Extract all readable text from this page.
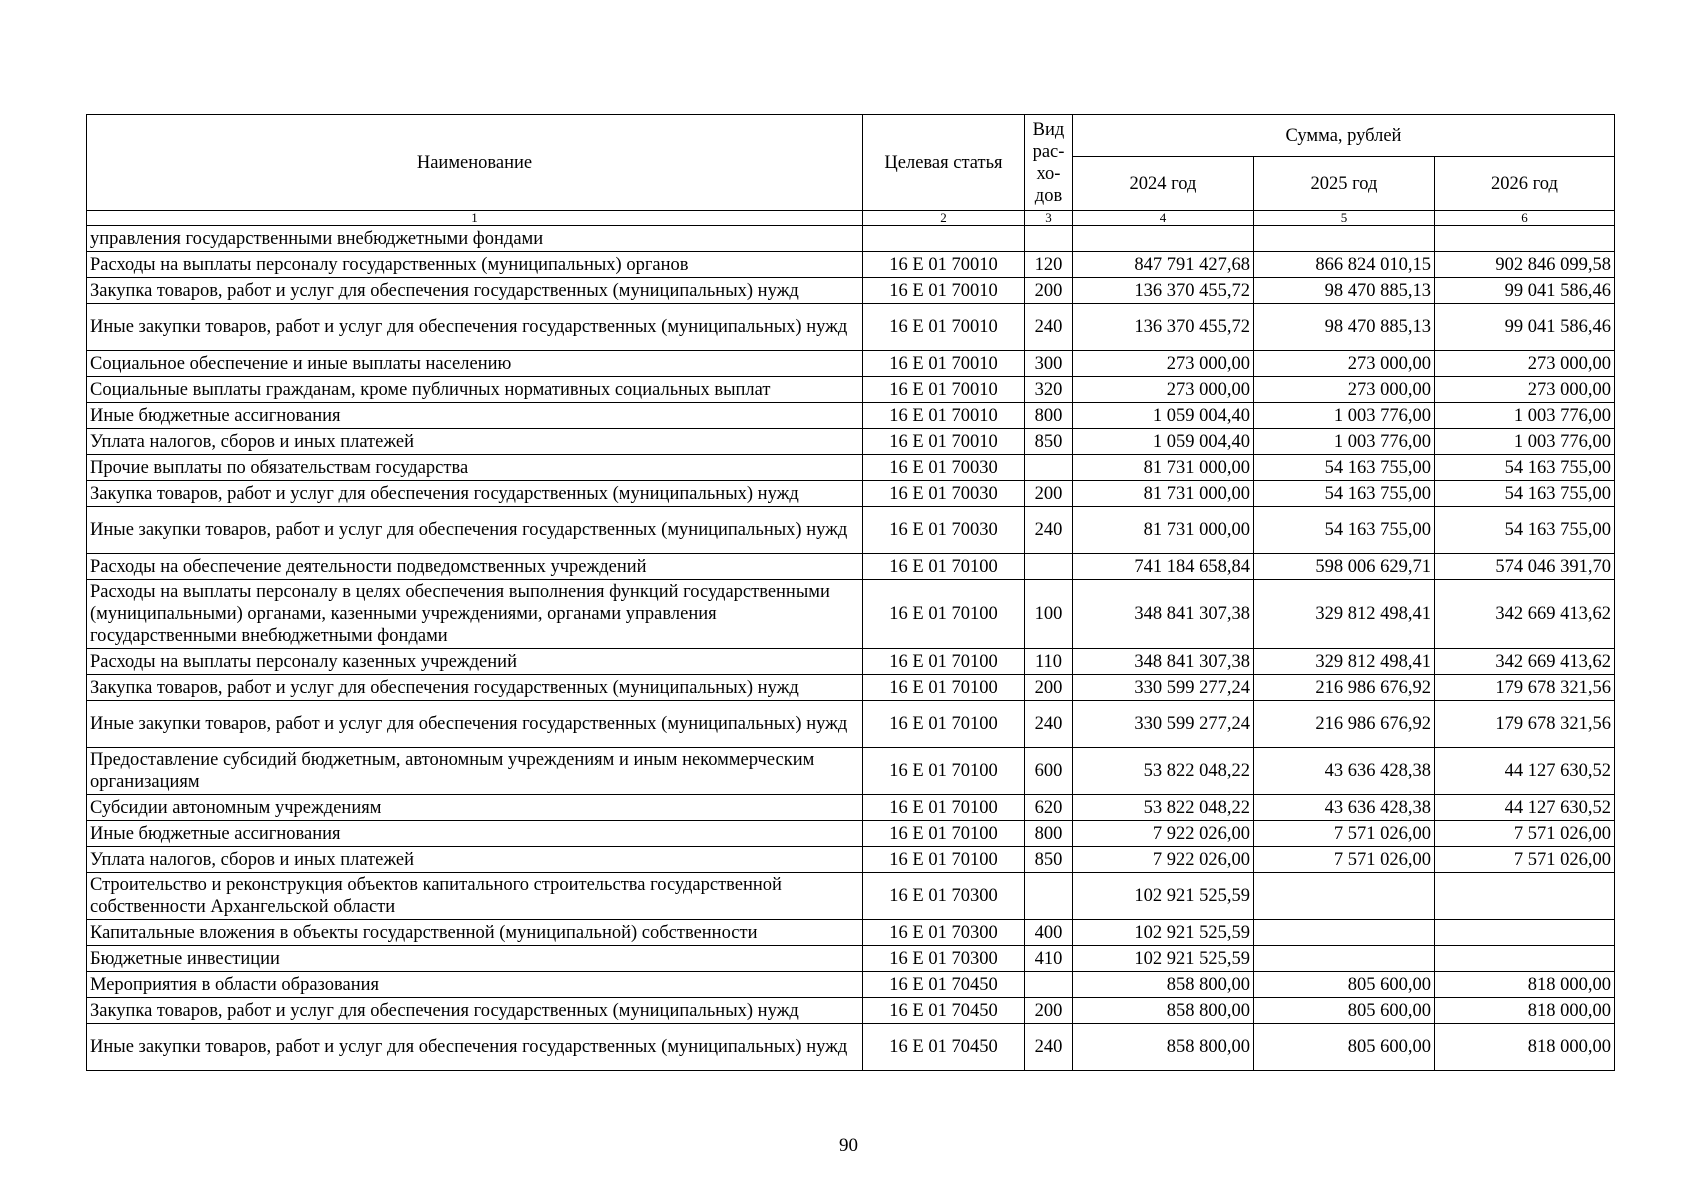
Наименование	Целевая статья	Вид
рас-
хо-
дов	Сумма, рублей		
			2024 год	2025 год	2026 год
1	2	3	4	5	6
управления государственными внебюджетными фондами					
Расходы на выплаты персоналу государственных (муниципальных) органов	16 Е 01 70010	120	847 791 427,68	866 824 010,15	902 846 099,58
Закупка товаров, работ и услуг для обеспечения государственных (муниципальных) нужд	16 Е 01 70010	200	136 370 455,72	98 470 885,13	99 041 586,46
Иные закупки товаров, работ и услуг для обеспечения государственных (муниципальных) нужд	16 Е 01 70010	240	136 370 455,72	98 470 885,13	99 041 586,46
Социальное обеспечение и иные выплаты населению	16 Е 01 70010	300	273 000,00	273 000,00	273 000,00
Социальные выплаты гражданам, кроме публичных нормативных социальных выплат	16 Е 01 70010	320	273 000,00	273 000,00	273 000,00
Иные бюджетные ассигнования	16 Е 01 70010	800	1 059 004,40	1 003 776,00	1 003 776,00
Уплата налогов, сборов и иных платежей	16 Е 01 70010	850	1 059 004,40	1 003 776,00	1 003 776,00
Прочие выплаты по обязательствам государства	16 Е 01 70030		81 731 000,00	54 163 755,00	54 163 755,00
Закупка товаров, работ и услуг для обеспечения государственных (муниципальных) нужд	16 Е 01 70030	200	81 731 000,00	54 163 755,00	54 163 755,00
Иные закупки товаров, работ и услуг для обеспечения государственных (муниципальных) нужд	16 Е 01 70030	240	81 731 000,00	54 163 755,00	54 163 755,00
Расходы на обеспечение деятельности подведомственных учреждений	16 Е 01 70100		741 184 658,84	598 006 629,71	574 046 391,70
Расходы на выплаты персоналу в целях обеспечения выполнения функций государственными (муниципальными) органами, казенными учреждениями, органами управления государственными внебюджетными фондами	16 Е 01 70100	100	348 841 307,38	329 812 498,41	342 669 413,62
Расходы на выплаты персоналу казенных учреждений	16 Е 01 70100	110	348 841 307,38	329 812 498,41	342 669 413,62
Закупка товаров, работ и услуг для обеспечения государственных (муниципальных) нужд	16 Е 01 70100	200	330 599 277,24	216 986 676,92	179 678 321,56
Иные закупки товаров, работ и услуг для обеспечения государственных (муниципальных) нужд	16 Е 01 70100	240	330 599 277,24	216 986 676,92	179 678 321,56
Предоставление субсидий бюджетным, автономным учреждениям и иным некоммерческим организациям	16 Е 01 70100	600	53 822 048,22	43 636 428,38	44 127 630,52
Субсидии автономным учреждениям	16 Е 01 70100	620	53 822 048,22	43 636 428,38	44 127 630,52
Иные бюджетные ассигнования	16 Е 01 70100	800	7 922 026,00	7 571 026,00	7 571 026,00
Уплата налогов, сборов и иных платежей	16 Е 01 70100	850	7 922 026,00	7 571 026,00	7 571 026,00
Строительство и реконструкция объектов капитального строительства государственной собственности Архангельской области	16 Е 01 70300		102 921 525,59		
Капитальные вложения в объекты государственной (муниципальной) собственности	16 Е 01 70300	400	102 921 525,59		
Бюджетные инвестиции	16 Е 01 70300	410	102 921 525,59		
Мероприятия в области образования	16 Е 01 70450		858 800,00	805 600,00	818 000,00
Закупка товаров, работ и услуг для обеспечения государственных (муниципальных) нужд	16 Е 01 70450	200	858 800,00	805 600,00	818 000,00
Иные закупки товаров, работ и услуг для обеспечения государственных (муниципальных) нужд	16 Е 01 70450	240	858 800,00	805 600,00	818 000,00
90
